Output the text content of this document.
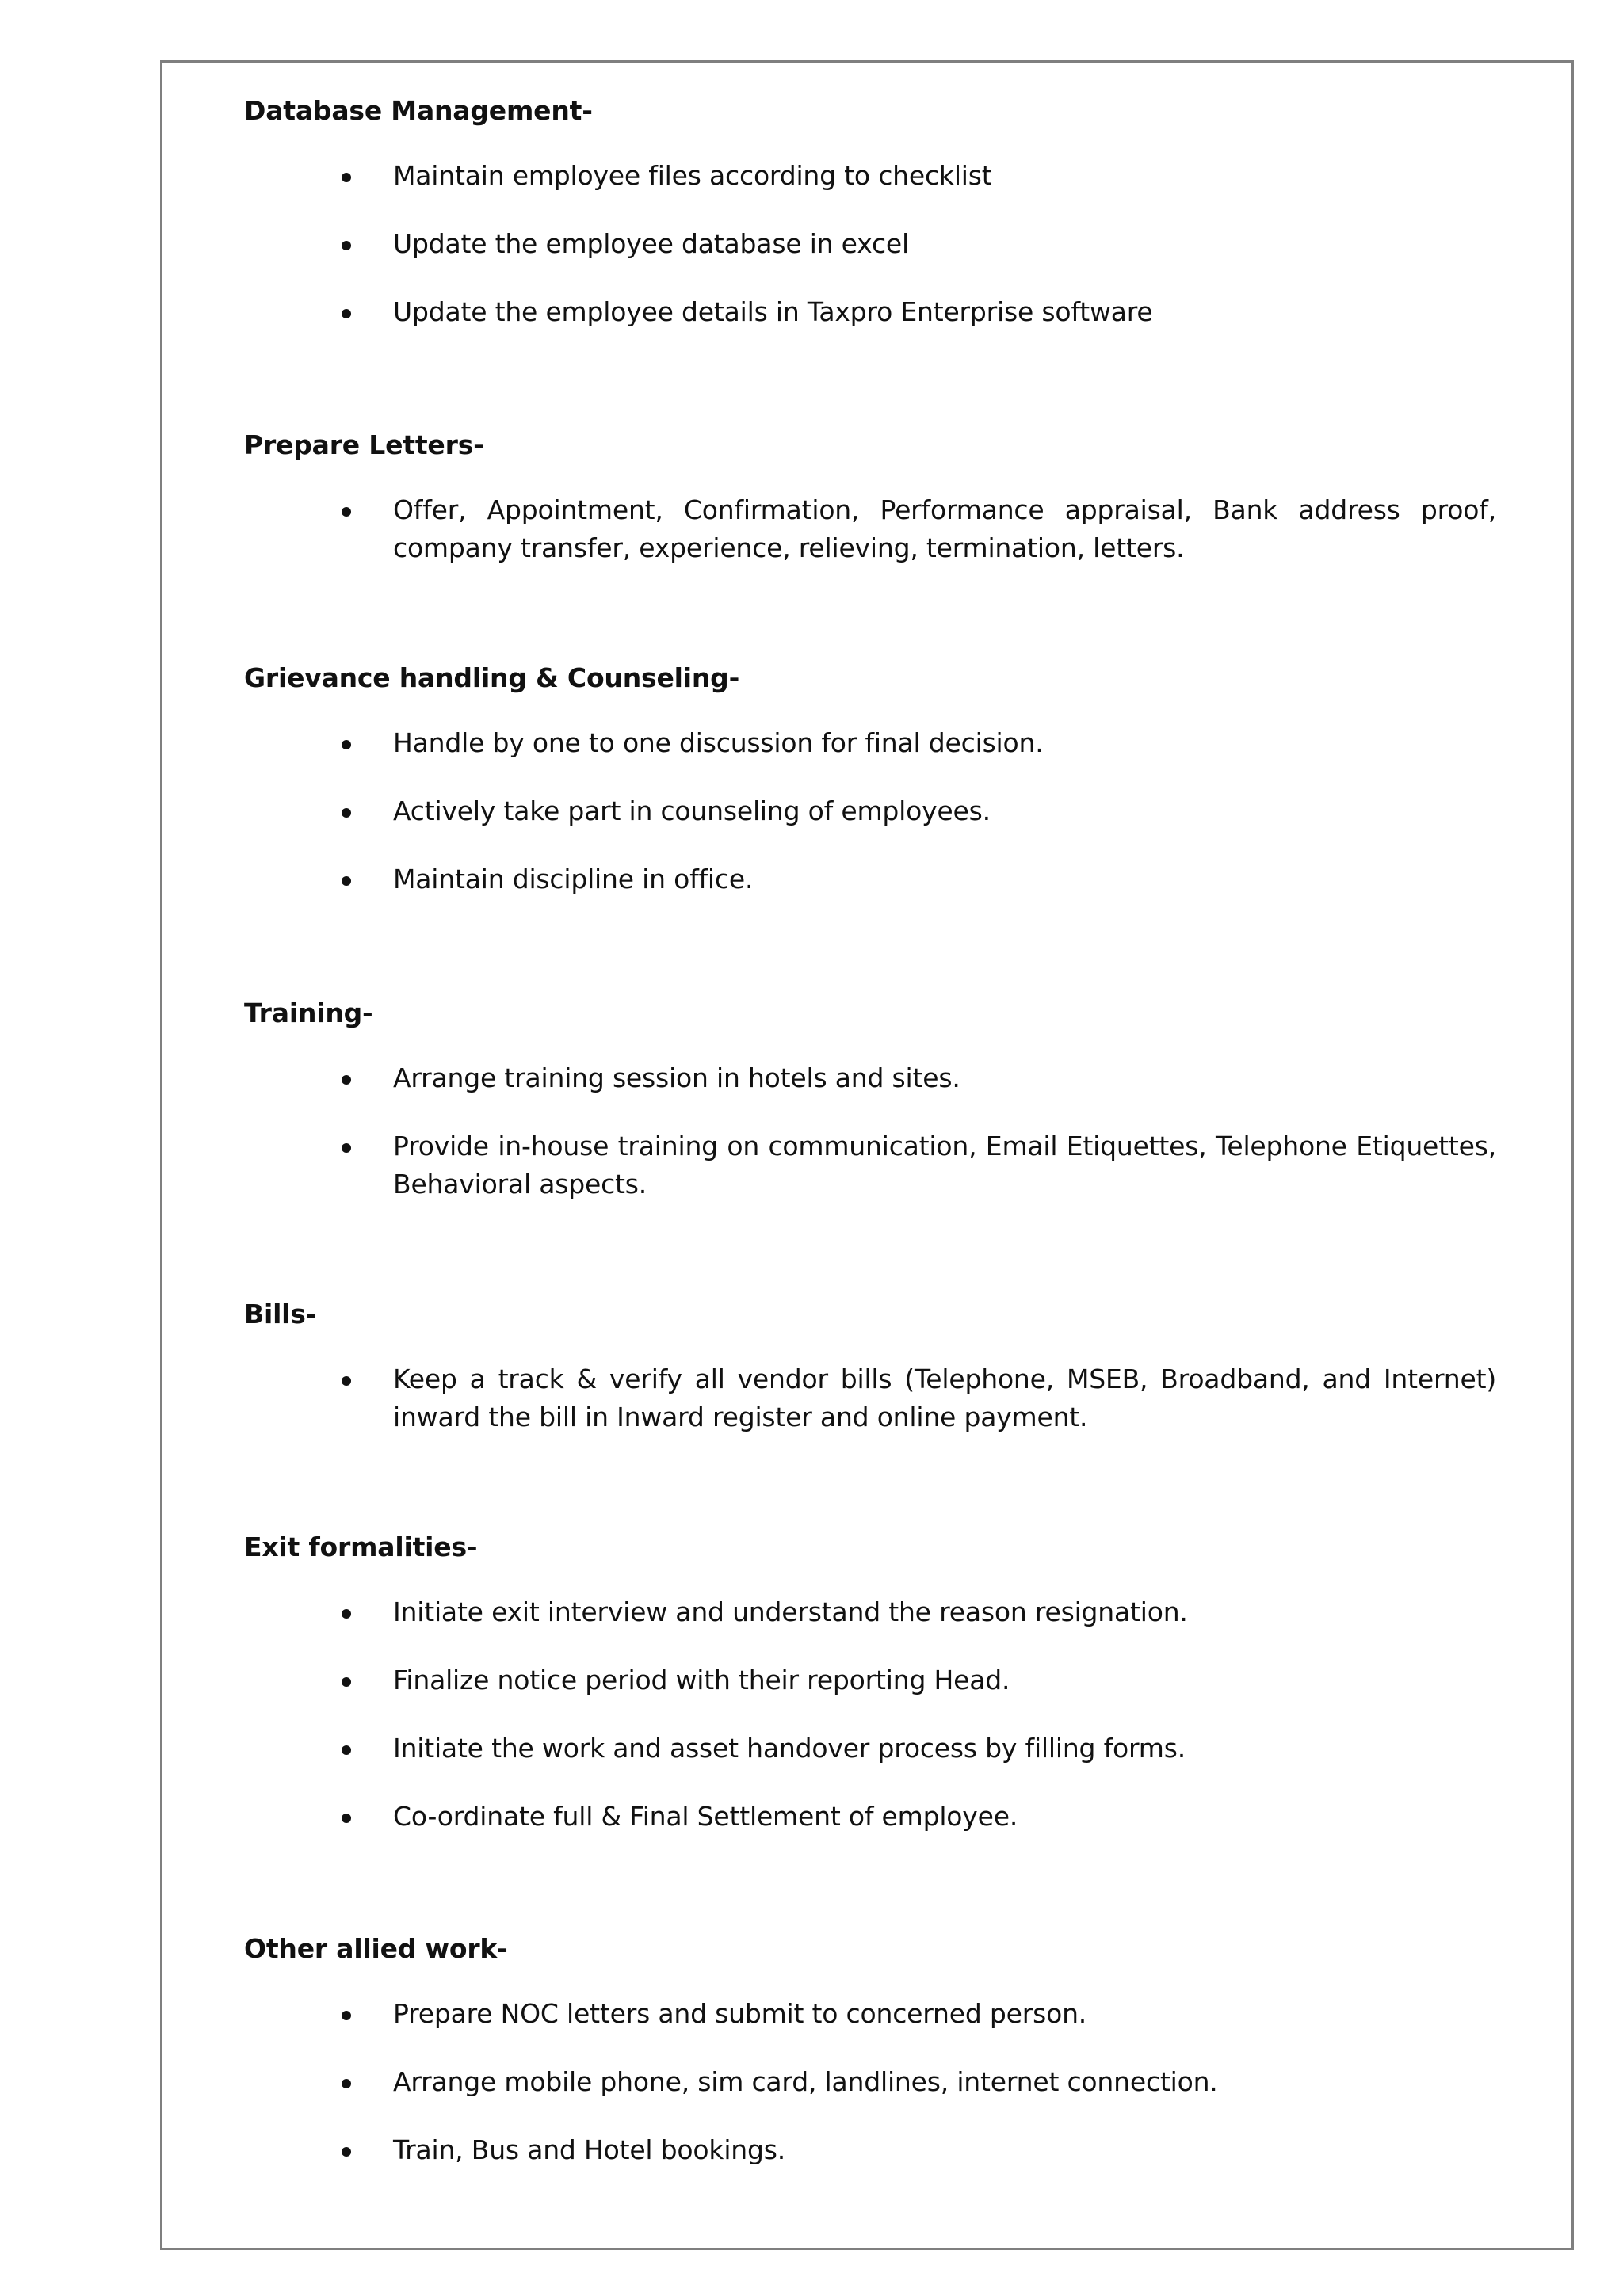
Database Management-
Maintain employee files according to checklist
Update the employee database in excel
Update the employee details in Taxpro Enterprise software
Prepare Letters-
Offer, Appointment, Confirmation, Performance appraisal, Bank address proof, company transfer, experience, relieving, termination, letters.
Grievance handling & Counseling-
Handle by one to one discussion for final decision.
Actively take part in counseling of employees.
Maintain discipline in office.
Training-
Arrange training session in hotels and sites.
Provide in-house training on communication, Email Etiquettes, Telephone Etiquettes, Behavioral aspects.
Bills-
Keep a track & verify all vendor bills (Telephone, MSEB, Broadband, and Internet) inward the bill in Inward register and online payment.
Exit formalities-
Initiate exit interview and understand the reason resignation.
Finalize notice period with their reporting Head.
Initiate the work and asset handover process by filling forms.
Co-ordinate full & Final Settlement of employee.
Other allied work-
Prepare NOC letters and submit to concerned person.
Arrange mobile phone, sim card, landlines, internet connection.
Train, Bus and Hotel bookings.
